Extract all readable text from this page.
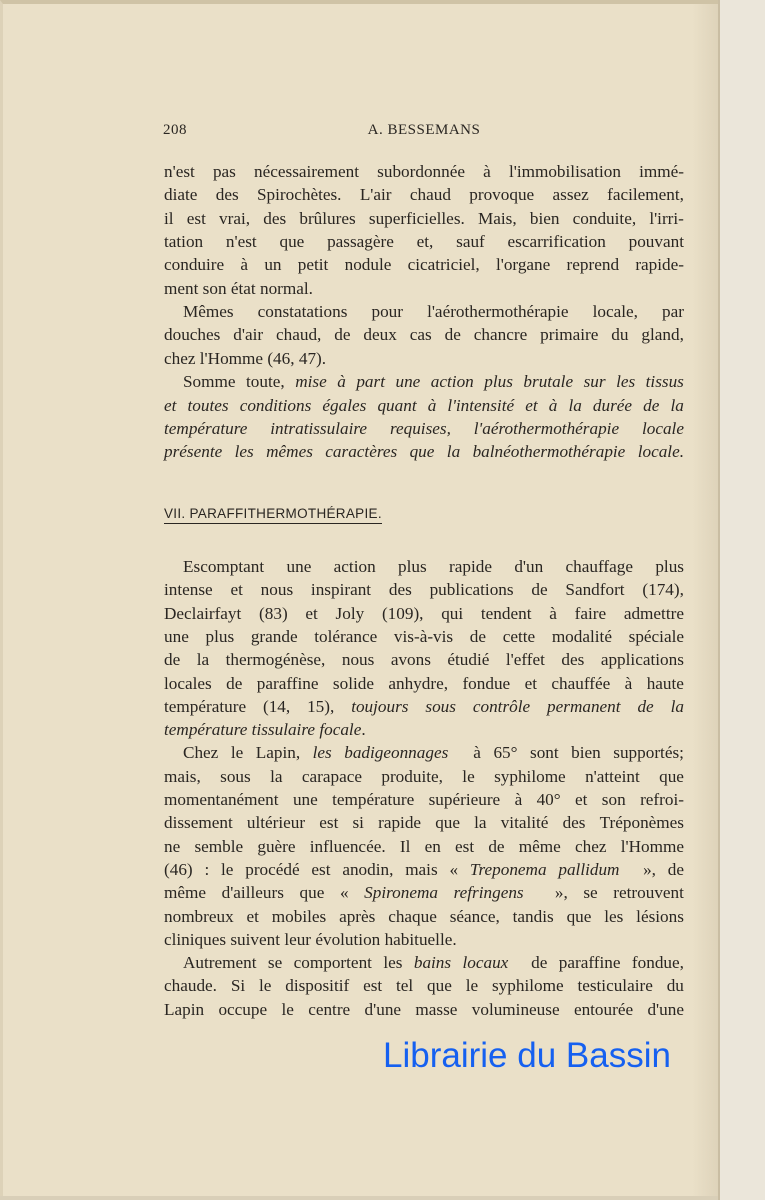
208	A. BESSEMANS
n'est pas nécessairement subordonnée à l'immobilisation immé-
diate des Spirochètes. L'air chaud provoque assez facilement,
il est vrai, des brûlures superficielles. Mais, bien conduite, l'irri-
tation n'est que passagère et, sauf escarrification pouvant
conduire à un petit nodule cicatriciel, l'organe reprend rapide-
ment son état normal.
Mêmes constatations pour l'aérothermothérapie locale, par
douches d'air chaud, de deux cas de chancre primaire du gland,
chez l'Homme (46, 47).
Somme toute, mise à part une action plus brutale sur les tissus
et toutes conditions égales quant à l'intensité et à la durée de la
température intratissulaire requises, l'aérothermothérapie locale
présente les mêmes caractères que la balnéothermothérapie locale.
Escomptant une action plus rapide d'un chauffage plus
intense et nous inspirant des publications de Sandfort (174),
Declairfayt (83) et Joly (109), qui tendent à faire admettre
une plus grande tolérance vis-à-vis de cette modalité spéciale
de la thermogénèse, nous avons étudié l'effet des applications
locales de paraffine solide anhydre, fondue et chauffée à haute
température (14, 15), toujours sous contrôle permanent de la
température tissulaire focale .
Chez le Lapin, les badigeonnages à 65° sont bien supportés;
mais, sous la carapace produite, le syphilome n'atteint que
momentanément une température supérieure à 40° et son refroi-
dissement ultérieur est si rapide que la vitalité des Tréponèmes
ne semble guère influencée. Il en est de même chez l'Homme
(46) : le procédé est anodin, mais « Treponema pallidum », de
même d'ailleurs que « Spironema refringens », se retrouvent
nombreux et mobiles après chaque séance, tandis que les lésions
cliniques suivent leur évolution habituelle.
Autrement se comportent les bains locaux de paraffine fondue,
chaude. Si le dispositif est tel que le syphilome testiculaire du
Lapin occupe le centre d'une masse volumineuse entourée d'une
VII. PARAFFITHERMOTHÉRAPIE.
Librairie du Bassin
